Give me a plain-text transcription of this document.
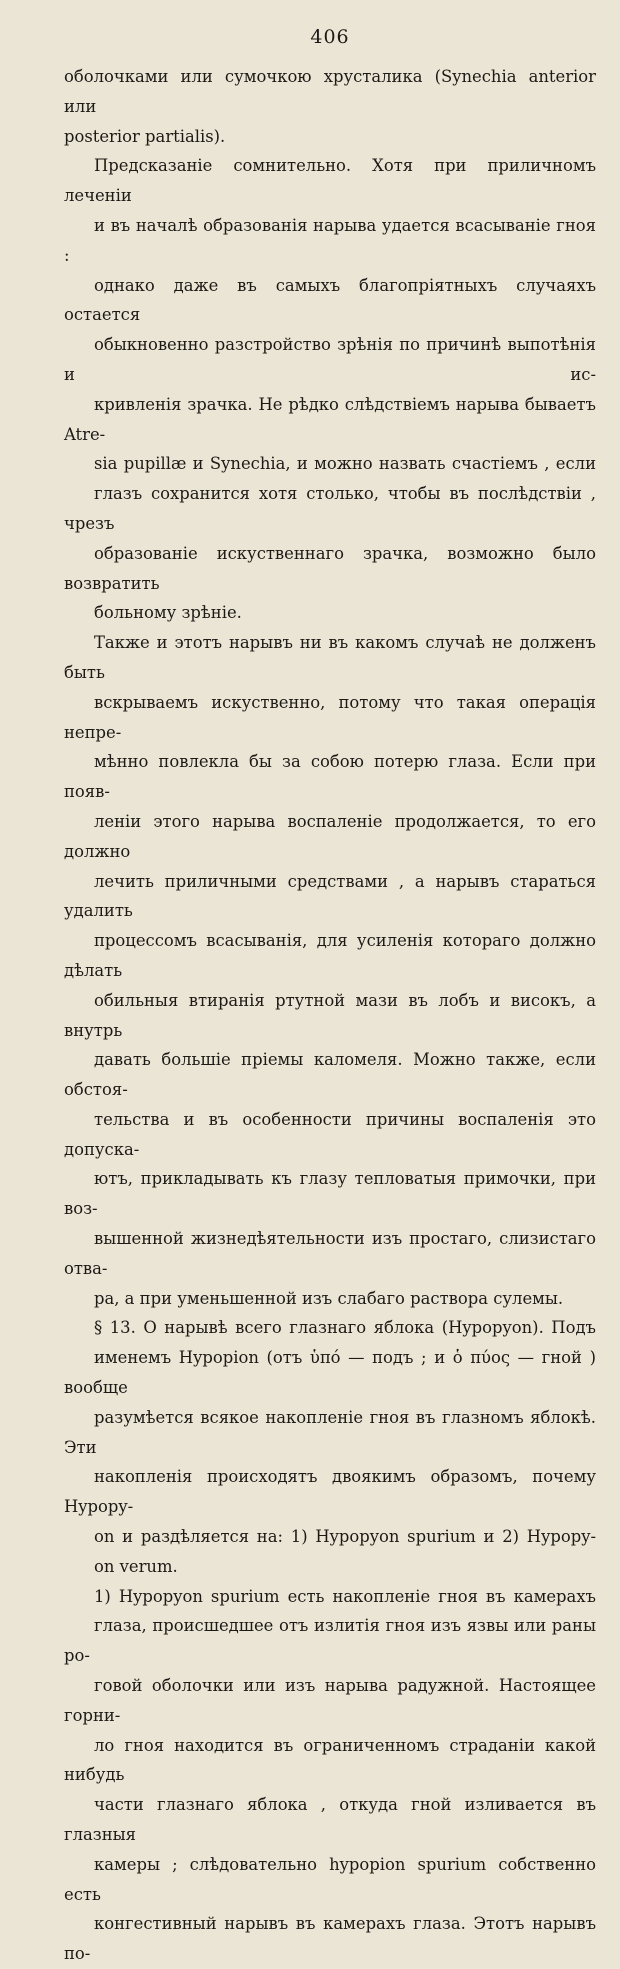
406

оболочками или сумочкою хрусталика (Synechia anterior или
posterior partialis).

Предсказаніе сомнительно. Хотя при приличномъ леченіи
и въ началѣ образованія нарыва удается всасываніе гноя :
однако даже въ самыхъ благопріятныхъ случаяхъ остается
обыкновенно разстройство зрѣнія по причинѣ выпотѣнія и ис-
кривленія зрачка. Не рѣдко слѣдствіемъ нарыва бываетъ Atre-
sia pupillæ и Synechia, и можно назвать счастіемъ , если
глазъ сохранится хотя столько, чтобы въ послѣдствіи , чрезъ
образованіе искуственнаго зрачка, возможно было возвратить
больному зрѣніе.

Также и этотъ нарывъ ни въ какомъ случаѣ не долженъ быть
вскрываемъ искуственно, потому что такая операція непре-
мѣнно повлекла бы за собою потерю глаза. Если при появ-
леніи этого нарыва воспаленіе продолжается, то его должно
лечить приличными средствами , а нарывъ стараться удалить
процессомъ всасыванія, для усиленія котораго должно дѣлать
обильныя втиранія ртутной мази въ лобъ и високъ, а внутрь
давать большіе пріемы каломеля. Можно также, если обстоя-
тельства и въ особенности причины воспаленія это допуска-
ютъ, прикладывать къ глазу тепловатыя примочки, при воз-
вышенной жизнедѣятельности изъ простаго, слизистаго отва-
ра, а при уменьшенной изъ слабаго раствора сулемы.

§ 13. О нарывѣ всего глазнаго яблока (Hypopyon). Подъ
именемъ Hypopion (отъ ὑπό — подъ ; и ὁ πύος — гной ) вообще
разумѣется всякое накопленіе гноя въ глазномъ яблокѣ. Эти
накопленія происходятъ двоякимъ образомъ, почему Hypopy-
on и раздѣляется на: 1) Hypopyon spurium и 2) Hypopy-
on verum.

1) Hypopyon spurium есть накопленіе гноя въ камерахъ
глаза, происшедшее отъ излитія гноя изъ язвы или раны ро-
говой оболочки или изъ нарыва радужной. Настоящее горни-
ло гноя находится въ ограниченномъ страданіи какой нибудь
части глазнаго яблока , откуда гной изливается въ глазныя
камеры ; слѣдовательно hypopion spurium собственно есть
конгестивный нарывъ въ камерахъ глаза. Этотъ нарывъ по-
